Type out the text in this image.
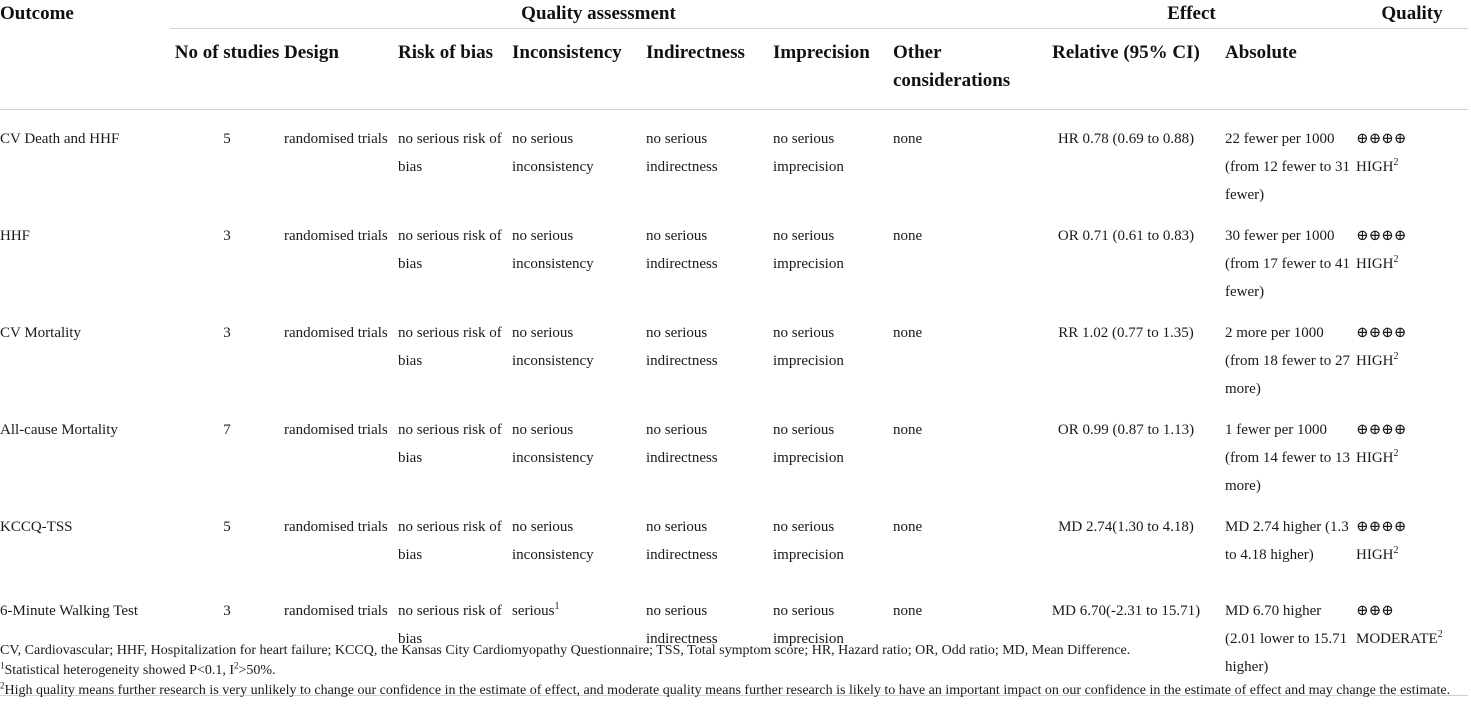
Outcome	Quality assessment							Effect		Quality
	No of studies	Design	Risk of bias	Inconsistency	Indirectness	Imprecision	Other considerations	Relative (95% CI)	Absolute	
CV Death and HHF	5	randomised trials	no serious risk of bias	no serious inconsistency	no serious indirectness	no serious imprecision	none	HR 0.78 (0.69 to 0.88)	22 fewer per 1000 (from 12 fewer to 31 fewer)	⊕⊕⊕⊕
HIGH$^2$

HHF	3	randomised trials	no serious risk of bias	no serious inconsistency	no serious indirectness	no serious imprecision	none	OR 0.71 (0.61 to 0.83)	30 fewer per 1000 (from 17 fewer to 41 fewer)	⊕⊕⊕⊕
HIGH$^2$

CV Mortality	3	randomised trials	no serious risk of bias	no serious inconsistency	no serious indirectness	no serious imprecision	none	RR 1.02 (0.77 to 1.35)	2 more per 1000 (from 18 fewer to 27 more)	⊕⊕⊕⊕
HIGH$^2$

All-cause Mortality	7	randomised trials	no serious risk of bias	no serious inconsistency	no serious indirectness	no serious imprecision	none	OR 0.99 (0.87 to 1.13)	1 fewer per 1000 (from 14 fewer to 13 more)	⊕⊕⊕⊕
HIGH$^2$

KCCQ-TSS	5	randomised trials	no serious risk of bias	no serious inconsistency	no serious indirectness	no serious imprecision	none	MD 2.74(1.30 to 4.18)	MD 2.74 higher (1.3 to 4.18 higher)	⊕⊕⊕⊕
HIGH$^2$

6-Minute Walking Test	3	randomised trials	no serious risk of bias	serious$^1$	no serious indirectness	no serious imprecision	none	MD 6.70(-2.31 to 15.71)	MD 6.70 higher (2.01 lower to 15.71 higher)	⊕⊕⊕
MODERATE$^2$

CV, Cardiovascular; HHF, Hospitalization for heart failure; KCCQ, the Kansas City Cardiomyopathy Questionnaire; TSS, Total symptom score; HR, Hazard ratio; OR, Odd ratio; MD, Mean Difference.

$^1$Statistical heterogeneity showed P<0.1, $I^2>50\%$.

$^2$High quality means further research is very unlikely to change our confidence in the estimate of effect, and moderate quality means further research is likely to have an important impact on our confidence in the estimate of effect and may change the estimate.
